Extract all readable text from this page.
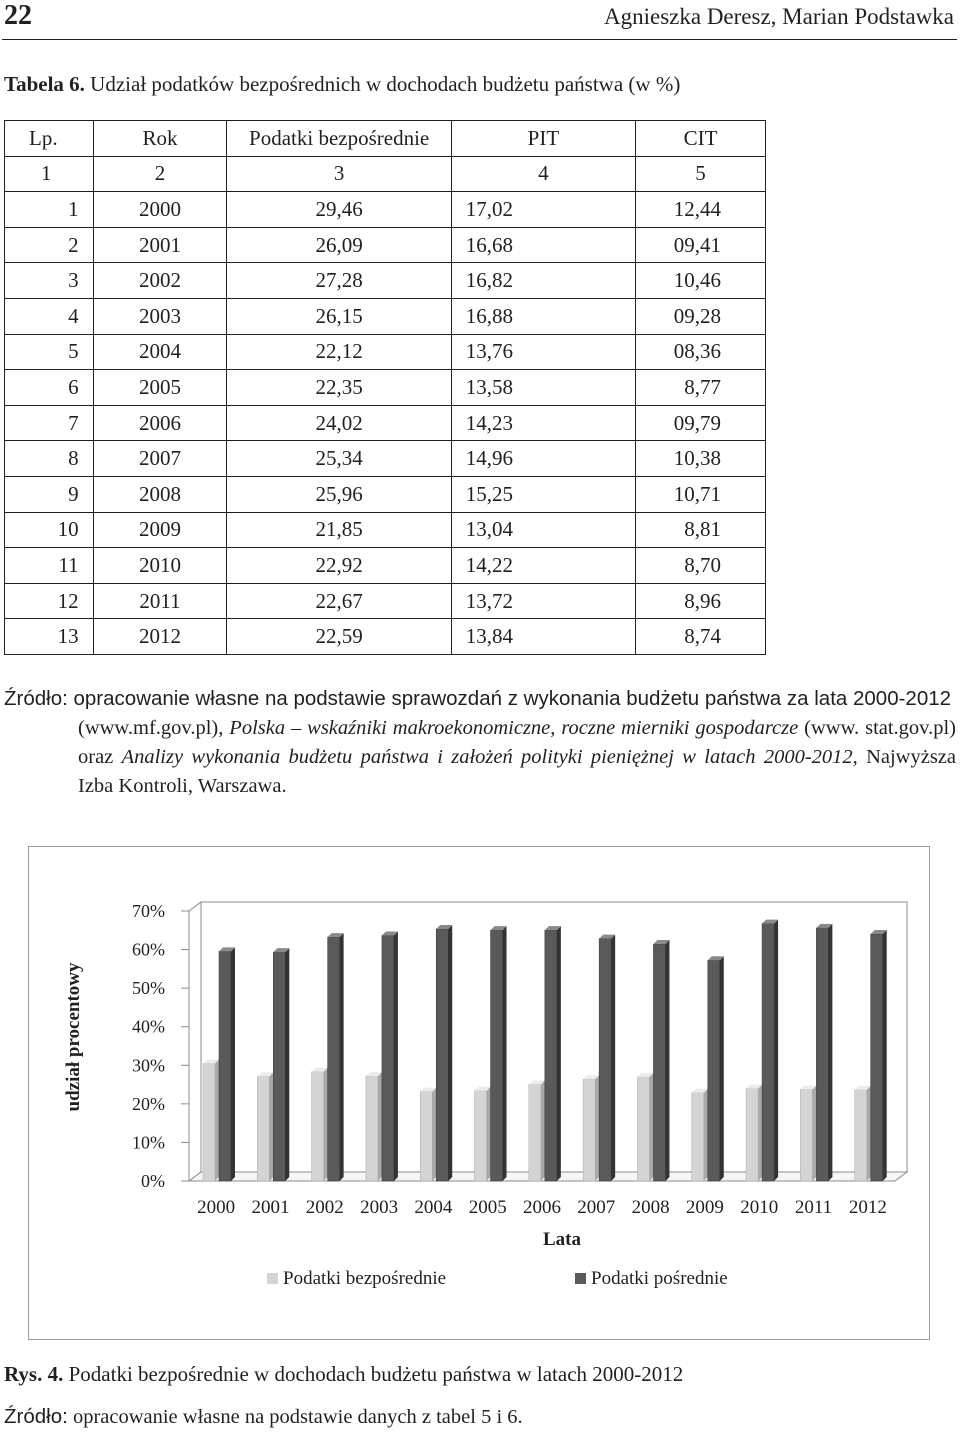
22	Agnieszka Deresz, Marian Podstawka
Tabela 6. Udział podatków bezpośrednich w dochodach budżetu państwa (w %)
Lp.	Rok	Podatki bezpośrednie	PIT	CIT
1	2	3	4	5
1	2000	29,46	17,02	12,44
2	2001	26,09	16,68	09,41
3	2002	27,28	16,82	10,46
4	2003	26,15	16,88	09,28
5	2004	22,12	13,76	08,36
6	2005	22,35	13,58	8,77
7	2006	24,02	14,23	09,79
8	2007	25,34	14,96	10,38
9	2008	25,96	15,25	10,71
10	2009	21,85	13,04	8,81
11	2010	22,92	14,22	8,70
12	2011	22,67	13,72	8,96
13	2012	22,59	13,84	8,74
Źródło: opracowanie własne na podstawie sprawozdań z wykonania budżetu państwa za lata 2000-2012
(www.mf.gov.pl), Polska – wskaźniki makroekonomiczne, roczne mierniki gospodarcze (www. stat.gov.pl) oraz Analizy wykonania budżetu państwa i założeń polityki pieniężnej w latach 2000-2012, Najwyższa Izba Kontroli, Warszawa.
0%
10%
20%
30%
40%
50%
60%
70%
2000 2001 2002 2003 2004 2005 2006 2007 2008 2009 2010 2011 2012
Lata
udział procentowy
Podatki bezpośrednie	Podatki pośrednie
Rys. 4. Podatki bezpośrednie w dochodach budżetu państwa w latach 2000-2012
Źródło: opracowanie własne na podstawie danych z tabel 5 i 6.
